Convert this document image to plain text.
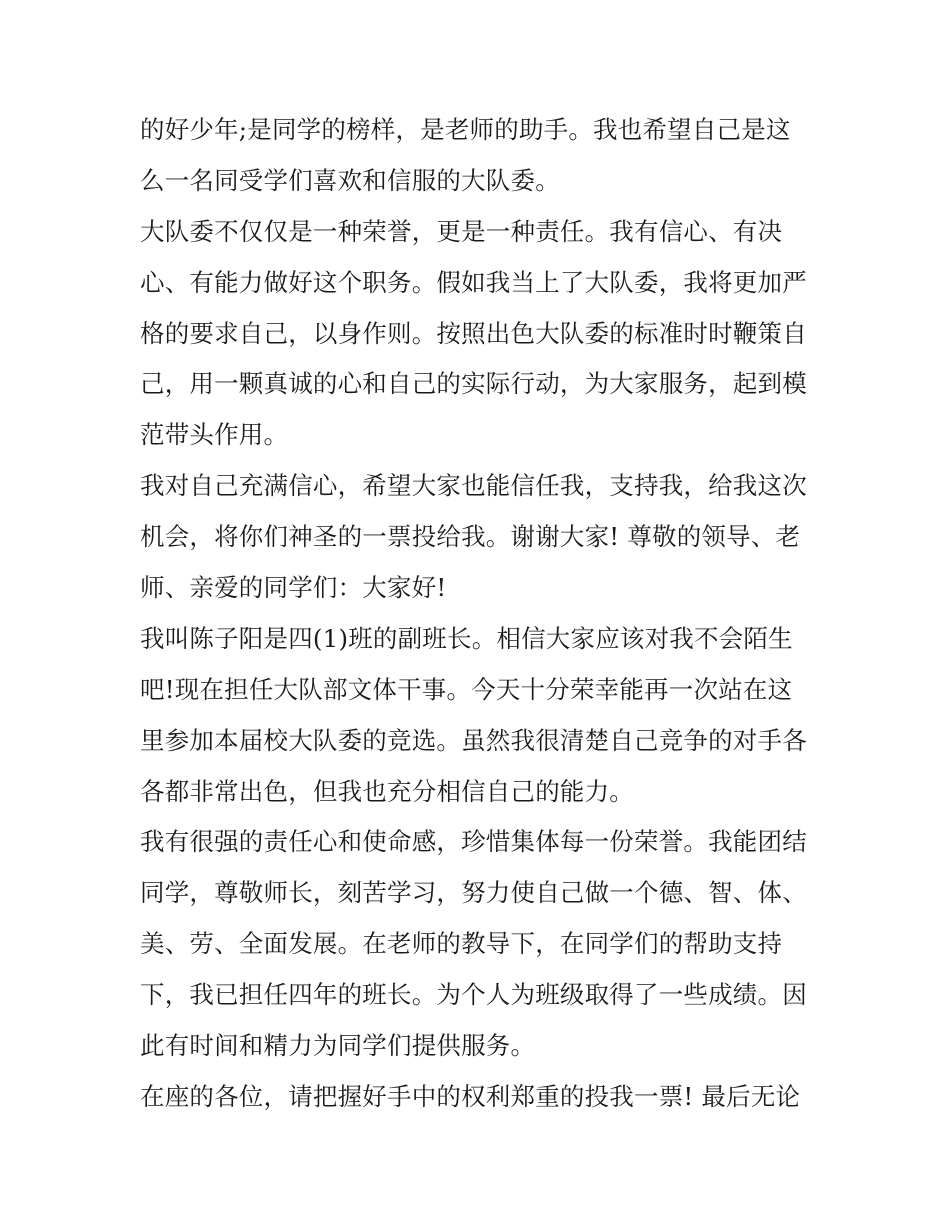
的好少年;是同学的榜样，是老师的助手。我也希望自己是这
么一名同受学们喜欢和信服的大队委。
大队委不仅仅是一种荣誉，更是一种责任。我有信心、有决
心、有能力做好这个职务。假如我当上了大队委，我将更加严
格的要求自己，以身作则。按照出色大队委的标准时时鞭策自
己，用一颗真诚的心和自己的实际行动，为大家服务，起到模
范带头作用。
我对自己充满信心，希望大家也能信任我，支持我，给我这次
机会，将你们神圣的一票投给我。谢谢大家! 尊敬的领导、老
师、亲爱的同学们：大家好!
我叫陈子阳是四(1)班的副班长。相信大家应该对我不会陌生
吧!现在担任大队部文体干事。今天十分荣幸能再一次站在这
里参加本届校大队委的竞选。虽然我很清楚自己竞争的对手各
各都非常出色，但我也充分相信自己的能力。
我有很强的责任心和使命感，珍惜集体每一份荣誉。我能团结
同学，尊敬师长，刻苦学习，努力使自己做一个德、智、体、
美、劳、全面发展。在老师的教导下，在同学们的帮助支持
下，我已担任四年的班长。为个人为班级取得了一些成绩。因
此有时间和精力为同学们提供服务。
在座的各位，请把握好手中的权利郑重的投我一票! 最后无论
